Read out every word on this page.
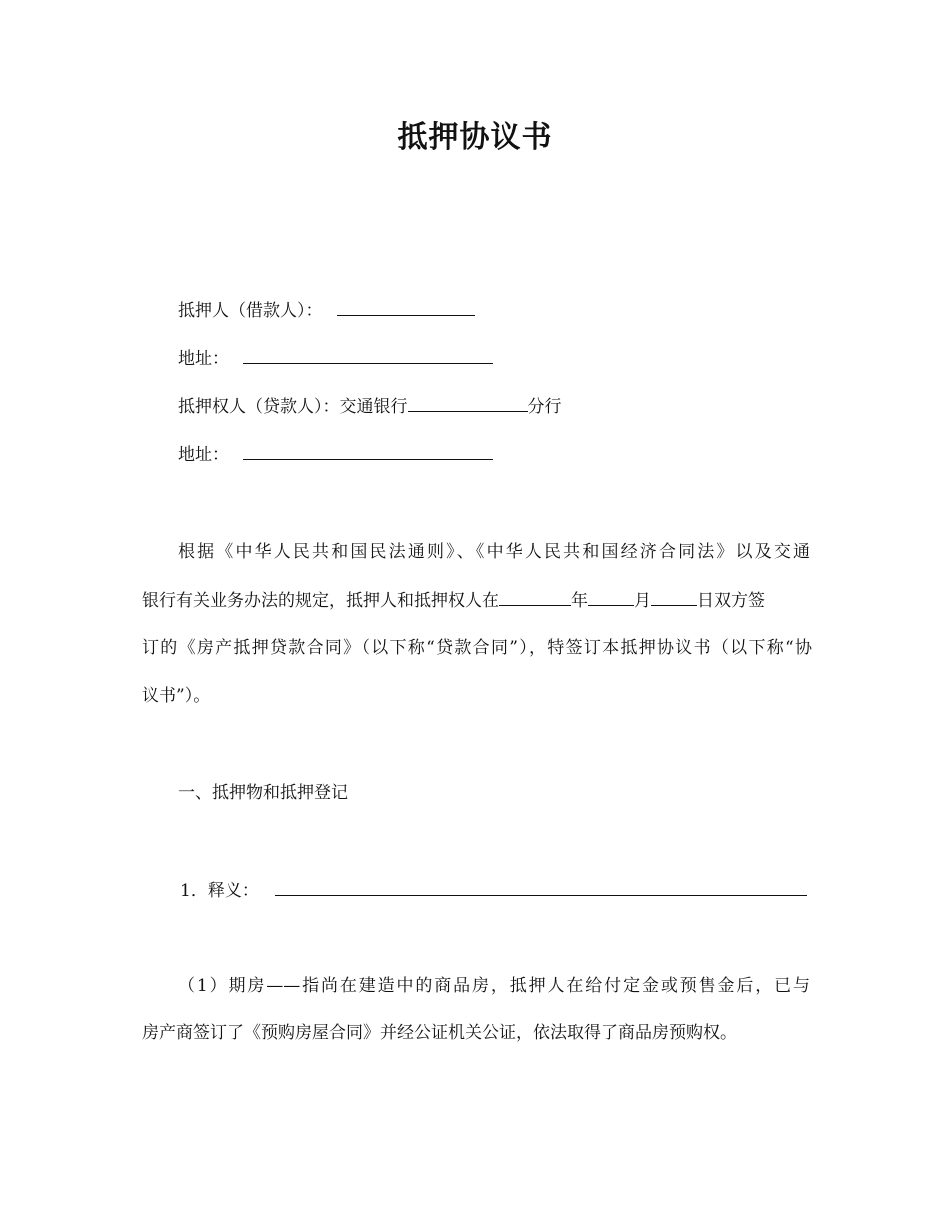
抵押协议书
抵押人（借款人）：
地址：
抵押权人（贷款人）：交通银行	分行
地址：
根据《中华人民共和国民法通则》、《中华人民共和国经济合同法》以及交通
银行有关业务办法的规定，抵押人和抵押权人在	年	月	日双方签
订的《房产抵押贷款合同》（以下称“贷款合同”），特签订本抵押协议书（以下称“协
议书”）。
一、抵押物和抵押登记
1．释义：
（1）期房——指尚在建造中的商品房，抵押人在给付定金或预售金后，已与
房产商签订了《预购房屋合同》并经公证机关公证，依法取得了商品房预购权。
